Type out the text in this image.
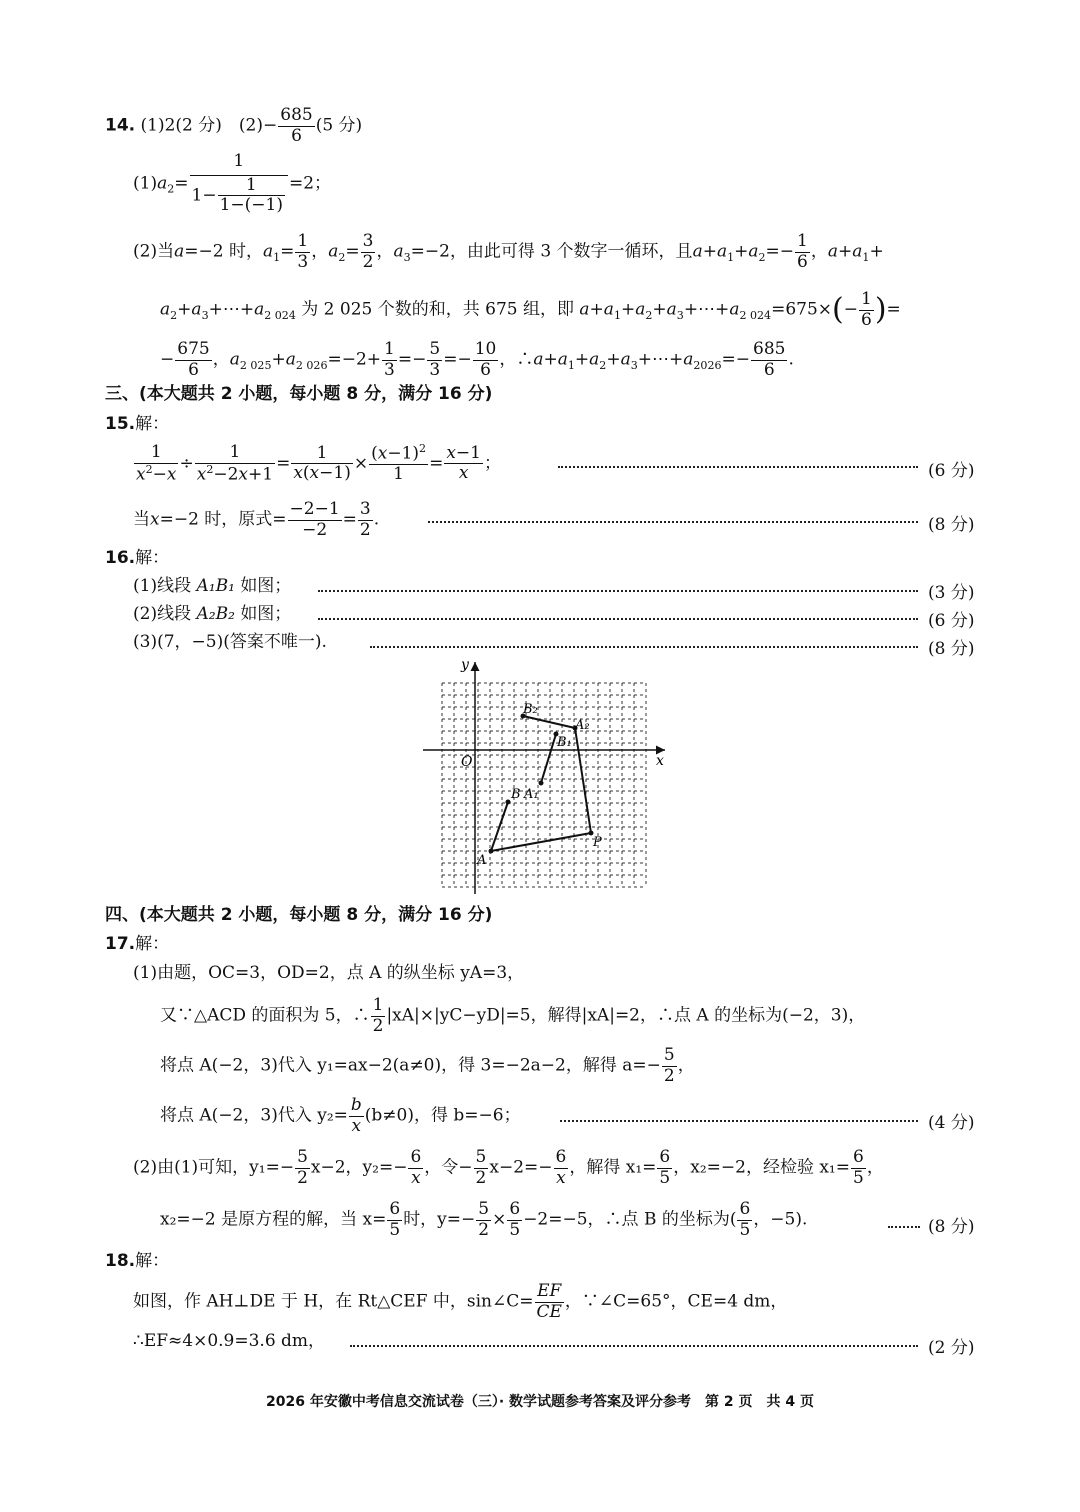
14. (1)2(2 分)　$(2)- \frac{685}{6} (5$ 分)
$(1)a_2= \frac{1}{1- \frac{1}{1-(-1)}} =2$；
(2)当a=−2 时，$a_1= \frac{1}{3}$ ，$a_2= \frac{3}{2}$ ，$a_3=-2$，由此可得 3 个数字一循环，且$a+a_1+a_2=- \frac{1}{6}$ ，$a+a_1+$
$a_2+a_3+\cdots+a_{2 024}$ 为 2 025 个数的和，共 675 组，即 $a+a_1+a_2+a_3+\cdots+a_{2 024}=675\times(- \frac{1}{6}$ )=
− $\frac{675}{6}$ ，$a_{2 025}+a_{2 026}=-2+ \frac{1}{3} =- \frac{5}{3} =- \frac{10}{6}$ ，$\therefore a+a_1+a_2+a_3+\cdots+a_{2026}=- \frac{685}{6}$ .
三、(本大题共 2 小题，每小题 8 分，满分 16 分)
15.解：
$\frac{1}{x^2-x} \div \frac{1}{x^2-2x+1} = \frac{1}{x(x-1)} \times \frac{(x-1)^2}{1} = \frac{x-1}{x}$ ；	(6 分)
当x=−2 时，原式= $\frac{-2-1}{-2} = \frac{3}{2}$ .	(8 分)
16.解：
(1)线段 A₁B₁ 如图；	(3 分)
(2)线段 A₂B₂ 如图；	(6 分)
(3)(7，−5)(答案不唯一).	(8 分)
y
x
O
B₂
A₂
B₁
A₁
B
A
P
四、(本大题共 2 小题，每小题 8 分，满分 16 分)
17.解：
(1)由题，OC=3，OD=2，点 A 的纵坐标 yA=3，
又∵△ACD 的面积为 5，∴ $\frac{1}{2} |xA|\times|yC-yD|=5$，解得|xA|=2，∴点 A 的坐标为(−2，3)，
将点 A(−2，3)代入 y₁=ax−2(a≠0)，得 3=−2a−2，解得 $a=- \frac{5}{2}$ ，
将点 A(−2，3)代入 $y_2= \frac{b}{x} (b\ne 0)$，得 b=−6；	(4 分)
(2)由(1)可知，$y_1=- \frac{5}{2} x-2$，$y_2=- \frac{6}{x}$ ，令− $\frac{5}{2} x-2=- \frac{6}{x}$ ，解得 $x_1= \frac{6}{5}$ ，x₂=−2，经检验 $x_1= \frac{6}{5}$ ，
x₂=−2 是原方程的解，当 $x= \frac{6}{5}$ 时，$y=- \frac{5}{2} \times \frac{6}{5} -2=-5$，∴点 B 的坐标为( $\frac{6}{5}$ ，−5).	(8 分)
18.解：
如图，作 AH⊥DE 于 H，在 Rt△CEF 中，sin∠C= $\frac{EF}{CE}$ ，∵∠C=65°，CE=4 dm，
∴EF≈4×0.9=3.6 dm，	(2 分)
2026 年安徽中考信息交流试卷（三）· 数学试题参考答案及评分参考　第 2 页　共 4 页
